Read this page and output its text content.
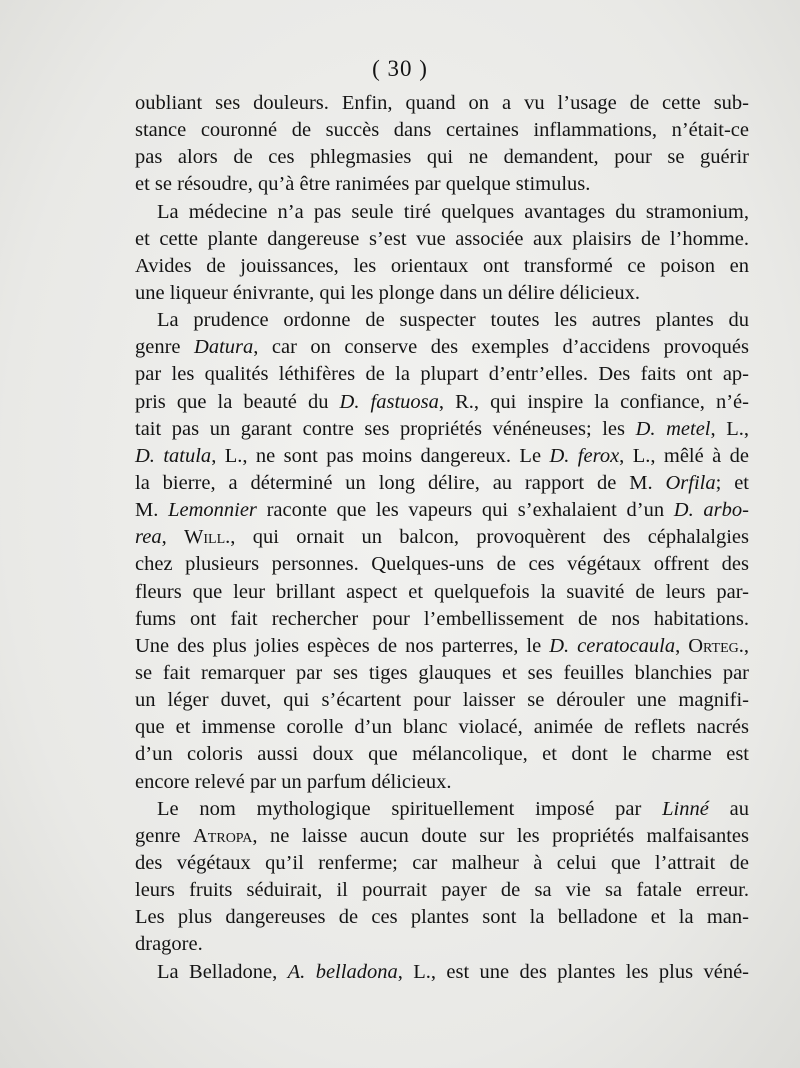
( 30 )
oubliant ses douleurs. Enfin, quand on a vu l’usage de cette sub-
stance couronné de succès dans certaines inflammations, n’était-ce
pas alors de ces phlegmasies qui ne demandent, pour se guérir
et se résoudre, qu’à être ranimées par quelque stimulus.
La médecine n’a pas seule tiré quelques avantages du stramonium,
et cette plante dangereuse s’est vue associée aux plaisirs de l’homme.
Avides de jouissances, les orientaux ont transformé ce poison en
une liqueur énivrante, qui les plonge dans un délire délicieux.
La prudence ordonne de suspecter toutes les autres plantes du
genre Datura, car on conserve des exemples d’accidens provoqués
par les qualités léthifères de la plupart d’entr’elles. Des faits ont ap-
pris que la beauté du D. fastuosa, R., qui inspire la confiance, n’é-
tait pas un garant contre ses propriétés vénéneuses; les D. metel, L.,
D. tatula, L., ne sont pas moins dangereux. Le D. ferox, L., mêlé à de
la bierre, a déterminé un long délire, au rapport de M. Orfila; et
M. Lemonnier raconte que les vapeurs qui s’exhalaient d’un D. arbo-
rea, Will., qui ornait un balcon, provoquèrent des céphalalgies
chez plusieurs personnes. Quelques-uns de ces végétaux offrent des
fleurs que leur brillant aspect et quelquefois la suavité de leurs par-
fums ont fait rechercher pour l’embellissement de nos habitations.
Une des plus jolies espèces de nos parterres, le D. ceratocaula, Orteg.,
se fait remarquer par ses tiges glauques et ses feuilles blanchies par
un léger duvet, qui s’écartent pour laisser se dérouler une magnifi-
que et immense corolle d’un blanc violacé, animée de reflets nacrés
d’un coloris aussi doux que mélancolique, et dont le charme est
encore relevé par un parfum délicieux.
Le nom mythologique spirituellement imposé par Linné au
genre Atropa, ne laisse aucun doute sur les propriétés malfaisantes
des végétaux qu’il renferme; car malheur à celui que l’attrait de
leurs fruits séduirait, il pourrait payer de sa vie sa fatale erreur.
Les plus dangereuses de ces plantes sont la belladone et la man-
dragore.
La Belladone, A. belladona, L., est une des plantes les plus véné-
